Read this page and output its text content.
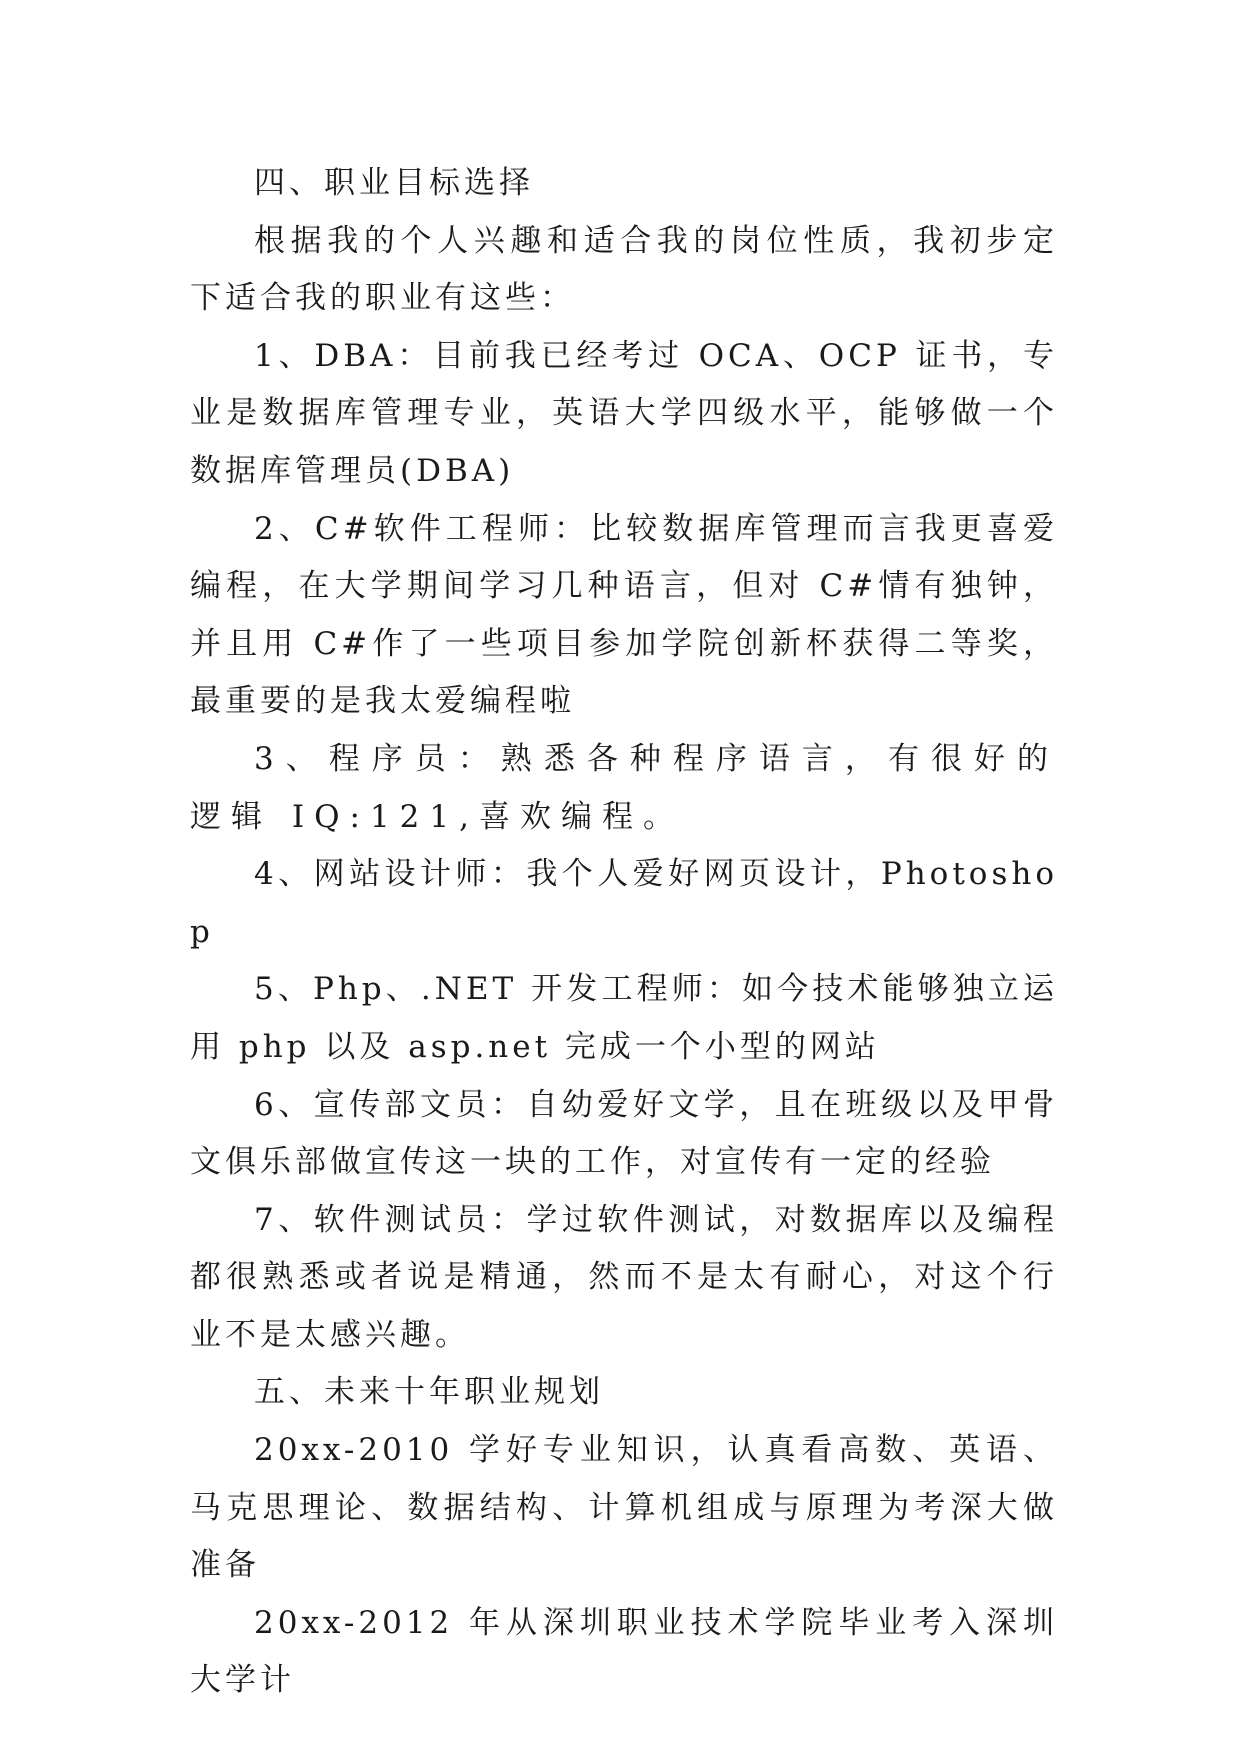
四、职业目标选择

根据我的个人兴趣和适合我的岗位性质，我初步定下适合我的职业有这些：

1、DBA：目前我已经考过 OCA、OCP 证书，专业是数据库管理专业，英语大学四级水平，能够做一个数据库管理员(DBA)

2、C#软件工程师：比较数据库管理而言我更喜爱编程，在大学期间学习几种语言，但对 C#情有独钟，并且用 C#作了一些项目参加学院创新杯获得二等奖，最重要的是我太爱编程啦

3、程序员：熟悉各种程序语言，有很好的逻辑 IQ:121,喜欢编程。

4、网站设计师：我个人爱好网页设计，Photoshop

5、Php、.NET 开发工程师：如今技术能够独立运用 php 以及 asp.net 完成一个小型的网站

6、宣传部文员：自幼爱好文学，且在班级以及甲骨文俱乐部做宣传这一块的工作，对宣传有一定的经验

7、软件测试员：学过软件测试，对数据库以及编程都很熟悉或者说是精通，然而不是太有耐心，对这个行业不是太感兴趣。

五、未来十年职业规划

20xx-2010 学好专业知识，认真看高数、英语、马克思理论、数据结构、计算机组成与原理为考深大做准备

20xx-2012 年从深圳职业技术学院毕业考入深圳大学计
